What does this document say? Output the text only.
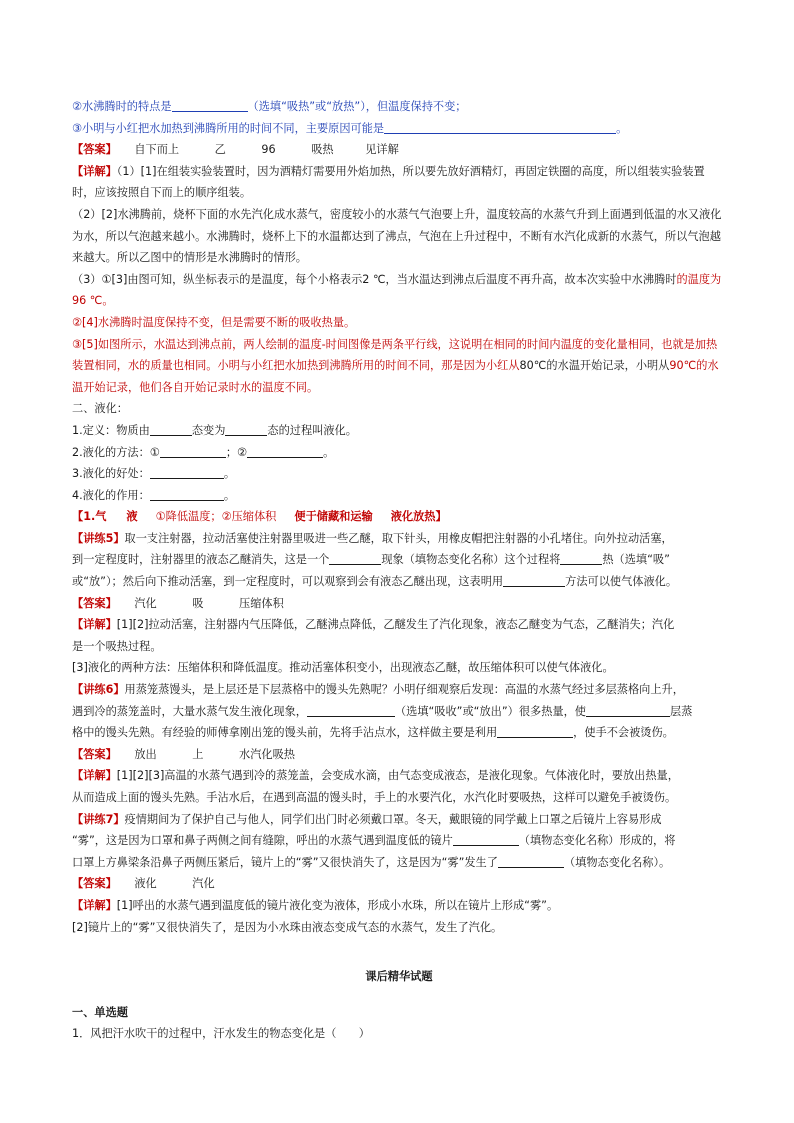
②水沸腾时的特点是	（选填“吸热”或“放热”），但温度保持不变；
③小明与小红把水加热到沸腾所用的时间不同，主要原因可能是	。
【答案】 自下而上	乙	96	吸热	见详解
【详解】（1）[1]在组装实验装置时，因为酒精灯需要用外焰加热，所以要先放好酒精灯，再固定铁圈的高度，所以组装实验装置时，应该按照自下而上的顺序组装。
（2）[2]水沸腾前，烧杯下面的水先汽化成水蒸气，密度较小的水蒸气气泡要上升，温度较高的水蒸气升到上面遇到低温的水又液化为水，所以气泡越来越小。水沸腾时，烧杯上下的水温都达到了沸点，气泡在上升过程中，不断有水汽化成新的水蒸气，所以气泡越来越大。所以乙图中的情形是水沸腾时的情形。
（3）①[3]由图可知，纵坐标表示的是温度，每个小格表示2 ℃，当水温达到沸点后温度不再升高，故本次实验中水沸腾时的温度为96 ℃。
②[4]水沸腾时温度保持不变，但是需要不断的吸收热量。
③[5]如图所示，水温达到沸点前，两人绘制的温度-时间图像是两条平行线，这说明在相同的时间内温度的变化量相同，也就是加热装置相同，水的质量也相同。小明与小红把水加热到沸腾所用的时间不同，那是因为小红从80℃的水温开始记录，小明从90℃的水温开始记录，他们各自开始记录时水的温度不同。
二、液化：
1.定义：物质由	态变为	态的过程叫液化。
2.液化的方法：①	；②	。
3.液化的好处：	。
4.液化的作用：	。
【1.气 液 ①降低温度；②压缩体积 便于储藏和运输 液化放热】
【讲练5】取一支注射器，拉动活塞使注射器里吸进一些乙醚，取下针头，用橡皮帽把注射器的小孔堵住。向外拉动活塞，
到一定程度时，注射器里的液态乙醚消失，这是一个	现象（填物态变化名称）这个过程将	热（选填“吸”
或“放”）；然后向下推动活塞，到一定程度时，可以观察到会有液态乙醚出现，这表明用	方法可以使气体液化。
【答案】 汽化	吸	压缩体积
【详解】[1][2]拉动活塞，注射器内气压降低，乙醚沸点降低，乙醚发生了汽化现象，液态乙醚变为气态，乙醚消失；汽化
是一个吸热过程。
[3]液化的两种方法：压缩体积和降低温度。推动活塞体积变小，出现液态乙醚，故压缩体积可以使气体液化。
【讲练6】用蒸笼蒸馒头，是上层还是下层蒸格中的馒头先熟呢？小明仔细观察后发现：高温的水蒸气经过多层蒸格向上升，
遇到冷的蒸笼盖时，大量水蒸气发生液化现象，	（选填“吸收”或“放出”）很多热量，使	层蒸
格中的馒头先熟。有经验的师傅拿刚出笼的馒头前，先将手沾点水，这样做主要是利用	，使手不会被烫伤。
【答案】 放出	上	水汽化吸热
【详解】[1][2][3]高温的水蒸气遇到冷的蒸笼盖，会变成水滴，由气态变成液态，是液化现象。气体液化时，要放出热量，
从而造成上面的馒头先熟。手沾水后，在遇到高温的馒头时，手上的水要汽化，水汽化时要吸热，这样可以避免手被烫伤。
【讲练7】疫情期间为了保护自己与他人，同学们出门时必须戴口罩。冬天，戴眼镜的同学戴上口罩之后镜片上容易形成
“雾”，这是因为口罩和鼻子两侧之间有缝隙，呼出的水蒸气遇到温度低的镜片	（填物态变化名称）形成的，将
口罩上方鼻梁条沿鼻子两侧压紧后，镜片上的“雾”又很快消失了，这是因为“雾”发生了	（填物态变化名称）。
【答案】 液化	汽化
【详解】[1]呼出的水蒸气遇到温度低的镜片液化变为液体，形成小水珠，所以在镜片上形成“雾”。
[2]镜片上的“雾”又很快消失了，是因为小水珠由液态变成气态的水蒸气，发生了汽化。
课后精华试题
一、单选题
1．风把汗水吹干的过程中，汗水发生的物态变化是（　　）
